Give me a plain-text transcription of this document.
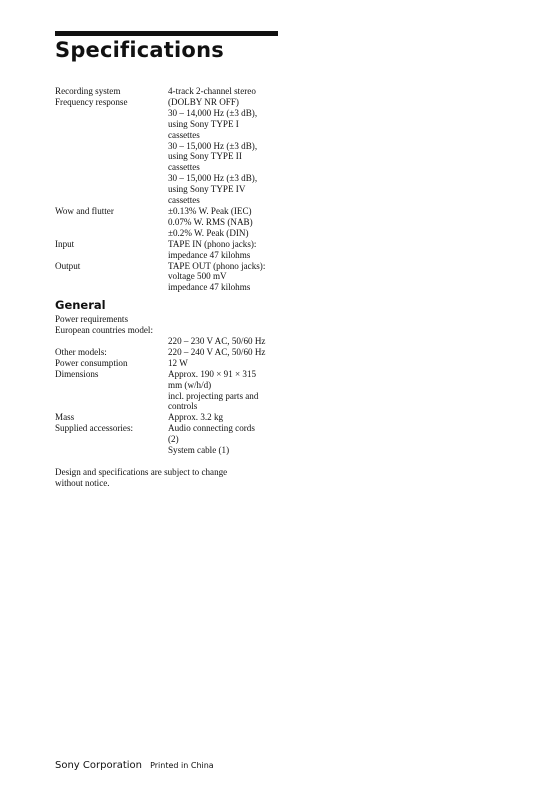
Specifications
Recording system	4-track 2-channel stereo
Frequency response	(DOLBY NR OFF)
30 – 14,000 Hz (±3 dB),
using Sony TYPE I
cassettes
30 – 15,000 Hz (±3 dB),
using Sony TYPE II
cassettes
30 – 15,000 Hz (±3 dB),
using Sony TYPE IV
cassettes
Wow and flutter	±0.13% W. Peak (IEC)
0.07% W. RMS (NAB)
±0.2% W. Peak (DIN)
Input	TAPE IN (phono jacks):
impedance 47 kilohms
Output	TAPE OUT (phono jacks):
voltage 500 mV
impedance 47 kilohms
General
Power requirements
European countries model:
220 – 230 V AC, 50/60 Hz
Other models:	220 – 240 V AC, 50/60 Hz
Power consumption	12 W
Dimensions	Approx. 190 × 91 × 315
mm (w/h/d)
incl. projecting parts and
controls
Mass	Approx. 3.2 kg
Supplied accessories:	Audio connecting cords
(2)
System cable (1)
Design and specifications are subject to change
without notice.
Sony Corporation Printed in China
